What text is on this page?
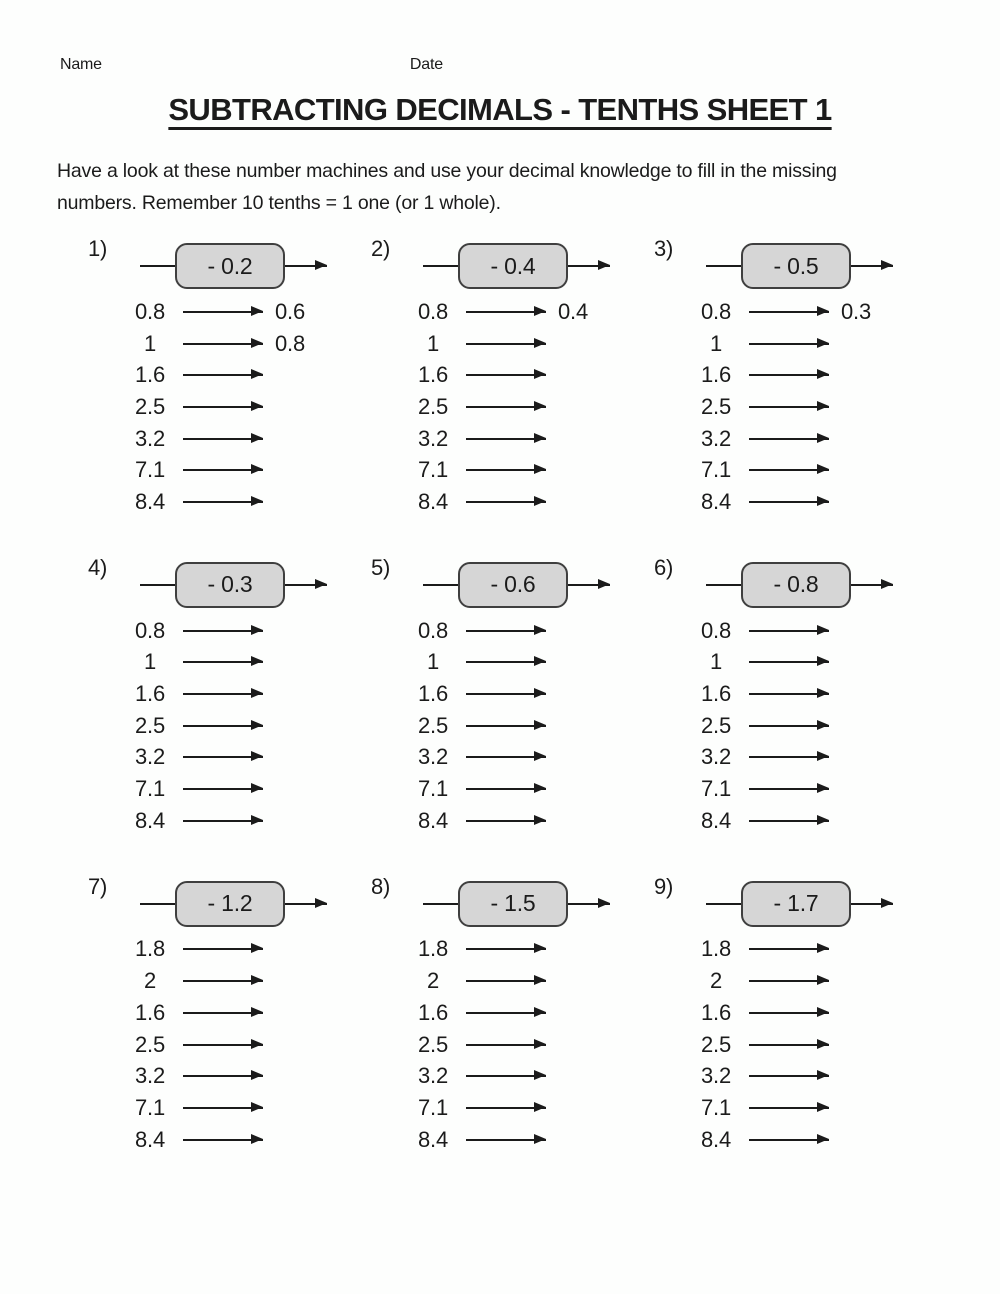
Name	Date
SUBTRACTING DECIMALS - TENTHS SHEET 1
Have a look at these number machines and use your decimal knowledge to fill in the missing
numbers. Remember 10 tenths = 1 one (or 1 whole).
1)
- 0.2
0.8	0.6
1	0.8
1.6
2.5
3.2
7.1
8.4
2)
- 0.4
0.8	0.4
1
1.6
2.5
3.2
7.1
8.4
3)
- 0.5
0.8	0.3
1
1.6
2.5
3.2
7.1
8.4
4)
- 0.3
0.8
1
1.6
2.5
3.2
7.1
8.4
5)
- 0.6
0.8
1
1.6
2.5
3.2
7.1
8.4
6)
- 0.8
0.8
1
1.6
2.5
3.2
7.1
8.4
7)
- 1.2
1.8
2
1.6
2.5
3.2
7.1
8.4
8)
- 1.5
1.8
2
1.6
2.5
3.2
7.1
8.4
9)
- 1.7
1.8
2
1.6
2.5
3.2
7.1
8.4
